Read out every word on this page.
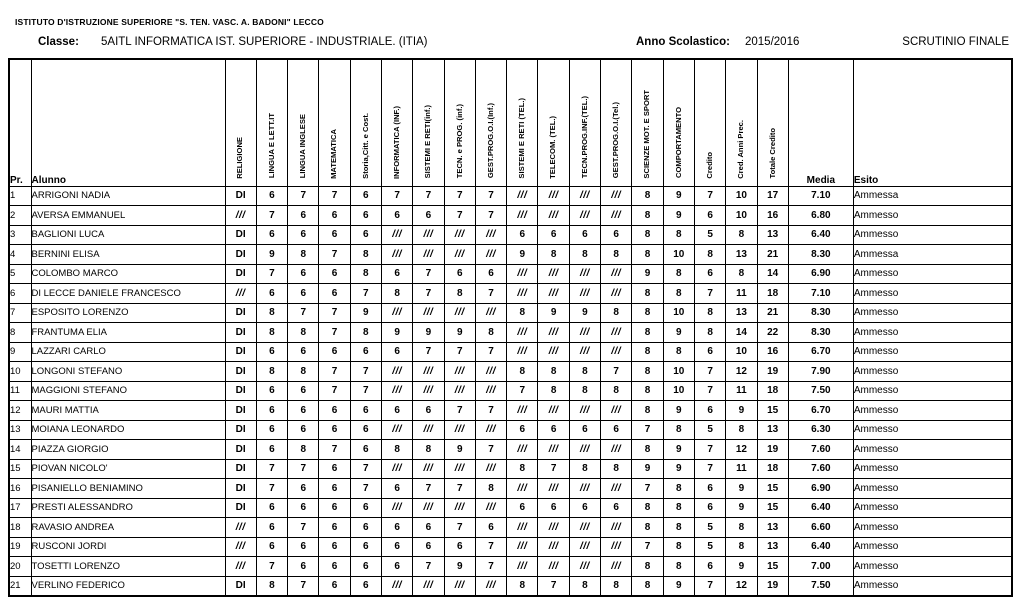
ISTITUTO D'ISTRUZIONE SUPERIORE "S. TEN. VASC. A. BADONI" LECCO
Classe: 5AITL INFORMATICA IST. SUPERIORE - INDUSTRIALE. (ITIA)	Anno Scolastico: 2015/2016	SCRUTINIO FINALE
Pr.	Alunno	RELIGIONE	LINGUA E LETT.IT	LINGUA INGLESE	MATEMATICA	Storia,Citt. e Cost.	INFORMATICA (INF.)	SISTEMI E RETI(inf.)	TECN. e PROG. (inf.)	GEST.PROG.O.I.(Inf.)	SISTEMI E RETI (TEL.)	TELECOM. (TEL.)	TECN.PROG.INF.(TEL.)	GEST.PROG.O.I.(Tel.)	SCIENZE MOT. E SPORT	COMPORTAMENTO	Credito	Cred. Anni Prec.	Totale Credito	Media	Esito
1	ARRIGONI NADIA	DI	6	7	7	6	7	7	7	7	///	///	///	///	8	9	7	10	17	7.10	Ammessa
2	AVERSA EMMANUEL	///	7	6	6	6	6	6	7	7	///	///	///	///	8	9	6	10	16	6.80	Ammesso
3	BAGLIONI LUCA	DI	6	6	6	6	///	///	///	///	6	6	6	6	8	8	5	8	13	6.40	Ammesso
4	BERNINI ELISA	DI	9	8	7	8	///	///	///	///	9	8	8	8	8	10	8	13	21	8.30	Ammessa
5	COLOMBO MARCO	DI	7	6	6	8	6	7	6	6	///	///	///	///	9	8	6	8	14	6.90	Ammesso
6	DI LECCE DANIELE FRANCESCO	///	6	6	6	7	8	7	8	7	///	///	///	///	8	8	7	11	18	7.10	Ammesso
7	ESPOSITO LORENZO	DI	8	7	7	9	///	///	///	///	8	9	9	8	8	10	8	13	21	8.30	Ammesso
8	FRANTUMA ELIA	DI	8	8	7	8	9	9	9	8	///	///	///	///	8	9	8	14	22	8.30	Ammesso
9	LAZZARI CARLO	DI	6	6	6	6	6	7	7	7	///	///	///	///	8	8	6	10	16	6.70	Ammesso
10	LONGONI STEFANO	DI	8	8	7	7	///	///	///	///	8	8	8	7	8	10	7	12	19	7.90	Ammesso
11	MAGGIONI STEFANO	DI	6	6	7	7	///	///	///	///	7	8	8	8	8	10	7	11	18	7.50	Ammesso
12	MAURI MATTIA	DI	6	6	6	6	6	6	7	7	///	///	///	///	8	9	6	9	15	6.70	Ammesso
13	MOIANA LEONARDO	DI	6	6	6	6	///	///	///	///	6	6	6	6	7	8	5	8	13	6.30	Ammesso
14	PIAZZA GIORGIO	DI	6	8	7	6	8	8	9	7	///	///	///	///	8	9	7	12	19	7.60	Ammesso
15	PIOVAN NICOLO'	DI	7	7	6	7	///	///	///	///	8	7	8	8	9	9	7	11	18	7.60	Ammesso
16	PISANIELLO BENIAMINO	DI	7	6	6	7	6	7	7	8	///	///	///	///	7	8	6	9	15	6.90	Ammesso
17	PRESTI ALESSANDRO	DI	6	6	6	6	///	///	///	///	6	6	6	6	8	8	6	9	15	6.40	Ammesso
18	RAVASIO ANDREA	///	6	7	6	6	6	6	7	6	///	///	///	///	8	8	5	8	13	6.60	Ammesso
19	RUSCONI JORDI	///	6	6	6	6	6	6	6	7	///	///	///	///	7	8	5	8	13	6.40	Ammesso
20	TOSETTI LORENZO	///	7	6	6	6	6	7	9	7	///	///	///	///	8	8	6	9	15	7.00	Ammesso
21	VERLINO FEDERICO	DI	8	7	6	6	///	///	///	///	8	7	8	8	8	9	7	12	19	7.50	Ammesso
